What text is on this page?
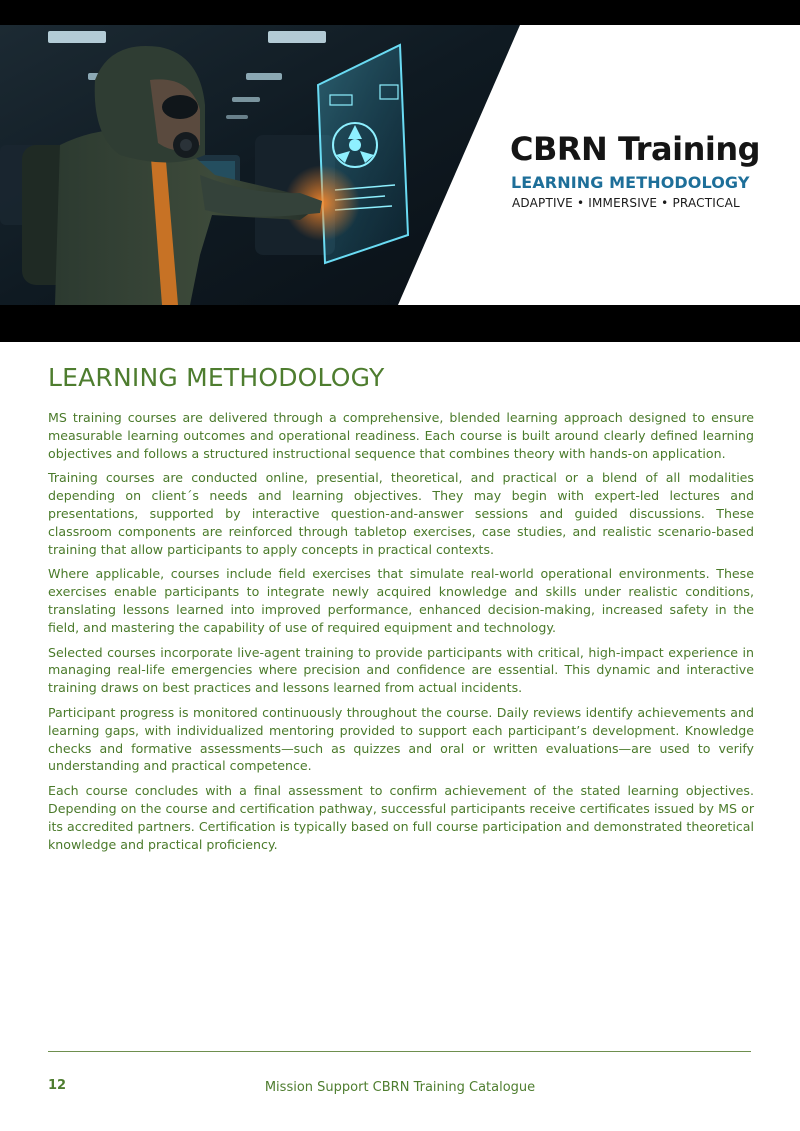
CBRN Training
LEARNING METHODOLOGY
ADAPTIVE • IMMERSIVE • PRACTICAL
LEARNING METHODOLOGY

MS training courses are delivered through a comprehensive, blended learning approach designed to ensure measurable learning outcomes and operational readiness. Each course is built around clearly defined learning objectives and follows a structured instructional sequence that combines theory with hands-on application.

Training courses are conducted online, presential, theoretical, and practical or a blend of all modalities depending on client´s needs and learning objectives. They may begin with expert-led lectures and presentations, supported by interactive question-and-answer sessions and guided discussions. These classroom components are reinforced through tabletop exercises, case studies, and realistic scenario-based training that allow participants to apply concepts in practical contexts.

Where applicable, courses include field exercises that simulate real-world operational environments. These exercises enable participants to integrate newly acquired knowledge and skills under realistic conditions, translating lessons learned into improved performance, enhanced decision-making, increased safety in the field, and mastering the capability of use of required equipment and technology.

Selected courses incorporate live-agent training to provide participants with critical, high-impact experience in managing real-life emergencies where precision and confidence are essential. This dynamic and interactive training draws on best practices and lessons learned from actual incidents.

Participant progress is monitored continuously throughout the course. Daily reviews identify achievements and learning gaps, with individualized mentoring provided to support each participant’s development. Knowledge checks and formative assessments—such as quizzes and oral or written evaluations—are used to verify understanding and practical competence.

Each course concludes with a final assessment to confirm achievement of the stated learning objectives. Depending on the course and certification pathway, successful participants receive certificates issued by MS or its accredited partners. Certification is typically based on full course participation and demonstrated theoretical knowledge and practical proficiency.

12	Mission Support CBRN Training Catalogue
